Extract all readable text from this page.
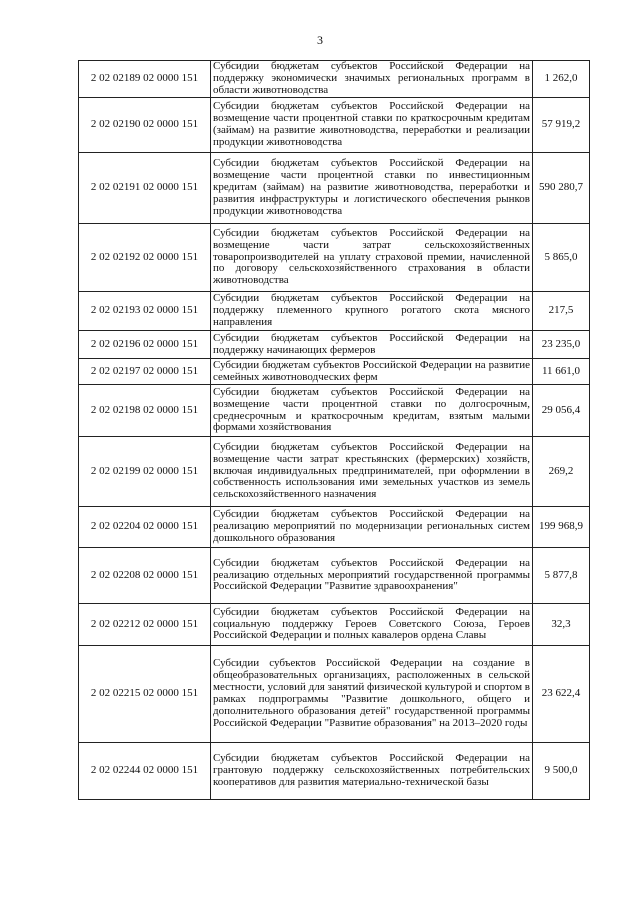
3
2 02 02189 02 0000 151	Субсидии бюджетам субъектов Российской Федерации на поддержку экономически значимых региональных программ в области животноводства	1 262,0
2 02 02190 02 0000 151	Субсидии бюджетам субъектов Российской Федерации на возмещение части процентной ставки по краткосрочным кредитам (займам) на развитие животноводства, переработки и реализации продукции животноводства	57 919,2
2 02 02191 02 0000 151	Субсидии бюджетам субъектов Российской Федерации на возмещение части процентной ставки по инвестиционным кредитам (займам) на развитие животноводства, переработки и развития инфраструктуры и логистического обеспечения рынков продукции животноводства	590 280,7
2 02 02192 02 0000 151	Субсидии бюджетам субъектов Российской Федерации на возмещение части затрат сельскохозяйственных товаропроизводителей на уплату страховой премии, начисленной по договору сельскохозяйственного страхования в области животноводства	5 865,0
2 02 02193 02 0000 151	Субсидии бюджетам субъектов Российской Федерации на поддержку племенного крупного рогатого скота мясного направления	217,5
2 02 02196 02 0000 151	Субсидии бюджетам субъектов Российской Федерации на поддержку начинающих фермеров	23 235,0
2 02 02197 02 0000 151	Субсидии бюджетам субъектов Российской Федерации на развитие семейных животноводческих ферм	11 661,0
2 02 02198 02 0000 151	Субсидии бюджетам субъектов Российской Федерации на возмещение части процентной ставки по долгосрочным, среднесрочным и краткосрочным кредитам, взятым малыми формами хозяйствования	29 056,4
2 02 02199 02 0000 151	Субсидии бюджетам субъектов Российской Федерации на возмещение части затрат крестьянских (фермерских) хозяйств, включая индивидуальных предпринимателей, при оформлении в собственность использования ими земельных участков из земель сельскохозяйственного назначения	269,2
2 02 02204 02 0000 151	Субсидии бюджетам субъектов Российской Федерации на реализацию мероприятий по модернизации региональных систем дошкольного образования	199 968,9
2 02 02208 02 0000 151	Субсидии бюджетам субъектов Российской Федерации на реализацию отдельных мероприятий государственной программы Российской Федерации "Развитие здравоохранения"	5 877,8
2 02 02212 02 0000 151	Субсидии бюджетам субъектов Российской Федерации на социальную поддержку Героев Советского Союза, Героев Российской Федерации и полных кавалеров ордена Славы	32,3
2 02 02215 02 0000 151	Субсидии субъектов Российской Федерации на создание в общеобразовательных организациях, расположенных в сельской местности, условий для занятий физической культурой и спортом в рамках подпрограммы "Развитие дошкольного, общего и дополнительного образования детей" государственной программы Российской Федерации "Развитие образования" на 2013–2020 годы	23 622,4
2 02 02244 02 0000 151	Субсидии бюджетам субъектов Российской Федерации на грантовую поддержку сельскохозяйственных потребительских кооперативов для развития материально-технической базы	9 500,0
